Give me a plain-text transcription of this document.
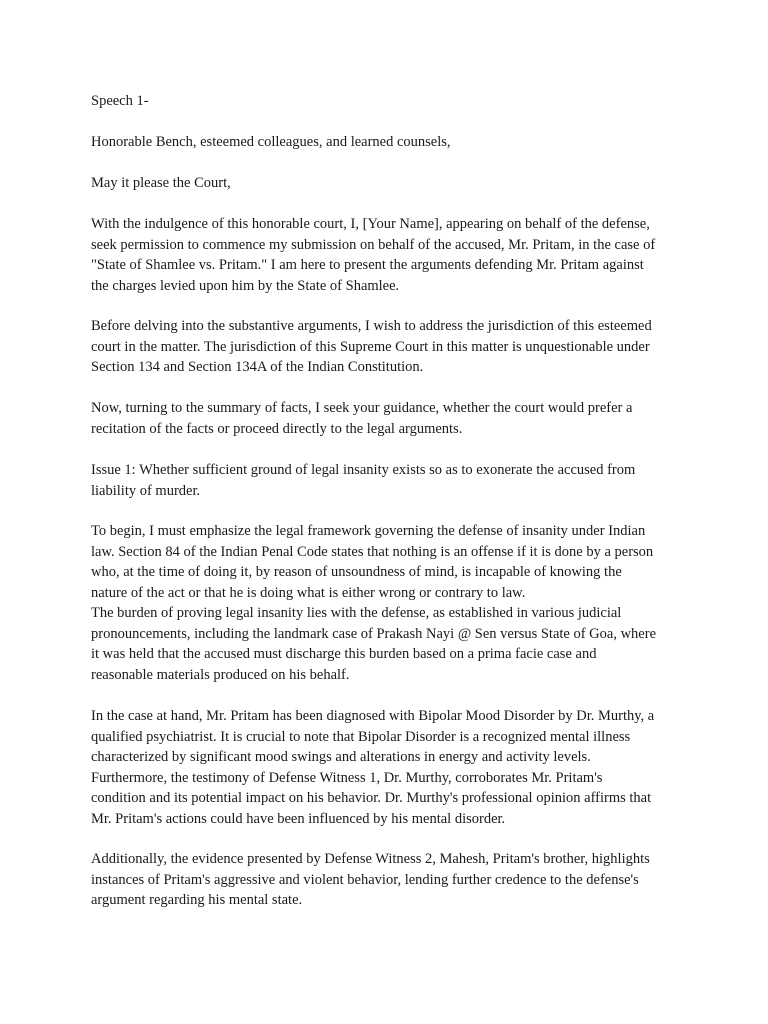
Speech 1-

Honorable Bench, esteemed colleagues, and learned counsels,

May it please the Court,

With the indulgence of this honorable court, I, [Your Name], appearing on behalf of the defense,
seek permission to commence my submission on behalf of the accused, Mr. Pritam, in the case of
"State of Shamlee vs. Pritam." I am here to present the arguments defending Mr. Pritam against
the charges levied upon him by the State of Shamlee.

Before delving into the substantive arguments, I wish to address the jurisdiction of this esteemed
court in the matter. The jurisdiction of this Supreme Court in this matter is unquestionable under
Section 134 and Section 134A of the Indian Constitution.

Now, turning to the summary of facts, I seek your guidance, whether the court would prefer a
recitation of the facts or proceed directly to the legal arguments.

Issue 1: Whether sufficient ground of legal insanity exists so as to exonerate the accused from
liability of murder.

To begin, I must emphasize the legal framework governing the defense of insanity under Indian
law. Section 84 of the Indian Penal Code states that nothing is an offense if it is done by a person
who, at the time of doing it, by reason of unsoundness of mind, is incapable of knowing the
nature of the act or that he is doing what is either wrong or contrary to law.
The burden of proving legal insanity lies with the defense, as established in various judicial
pronouncements, including the landmark case of Prakash Nayi @ Sen versus State of Goa, where
it was held that the accused must discharge this burden based on a prima facie case and
reasonable materials produced on his behalf.

In the case at hand, Mr. Pritam has been diagnosed with Bipolar Mood Disorder by Dr. Murthy, a
qualified psychiatrist. It is crucial to note that Bipolar Disorder is a recognized mental illness
characterized by significant mood swings and alterations in energy and activity levels.
Furthermore, the testimony of Defense Witness 1, Dr. Murthy, corroborates Mr. Pritam's
condition and its potential impact on his behavior. Dr. Murthy's professional opinion affirms that
Mr. Pritam's actions could have been influenced by his mental disorder.

Additionally, the evidence presented by Defense Witness 2, Mahesh, Pritam's brother, highlights
instances of Pritam's aggressive and violent behavior, lending further credence to the defense's
argument regarding his mental state.
